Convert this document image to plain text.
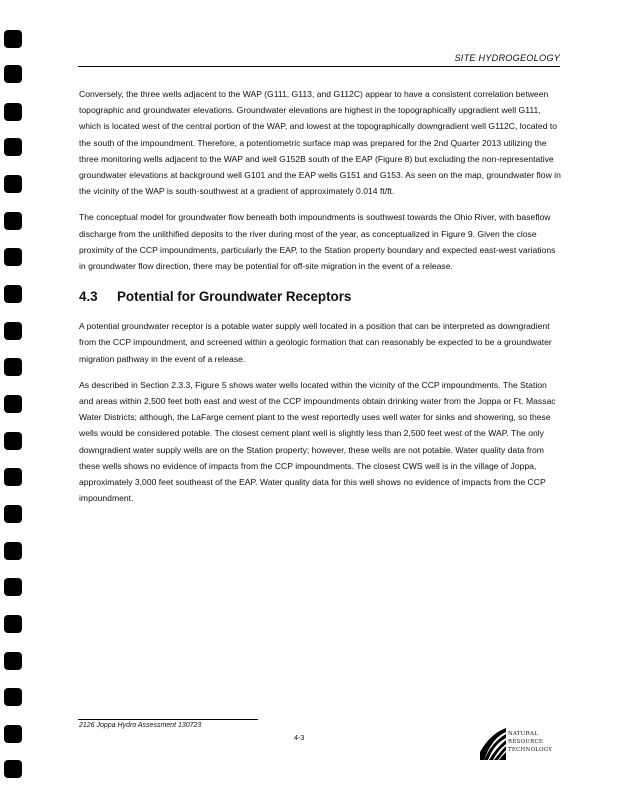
SITE HYDROGEOLOGY

Conversely, the three wells adjacent to the WAP (G111, G113, and G112C) appear to have a consistent correlation between topographic and groundwater elevations. Groundwater elevations are highest in the topographically upgradient well G111, which is located west of the central portion of the WAP, and lowest at the topographically downgradient well G112C, located to the south of the impoundment. Therefore, a potentiometric surface map was prepared for the 2nd Quarter 2013 utilizing the three monitoring wells adjacent to the WAP and well G152B south of the EAP (Figure 8) but excluding the non-representative groundwater elevations at background well G101 and the EAP wells G151 and G153. As seen on the map, groundwater flow in the vicinity of the WAP is south-southwest at a gradient of approximately 0.014 ft/ft.

The conceptual model for groundwater flow beneath both impoundments is southwest towards the Ohio River, with baseflow discharge from the unlithified deposits to the river during most of the year, as conceptualized in Figure 9. Given the close proximity of the CCP impoundments, particularly the EAP, to the Station property boundary and expected east-west variations in groundwater flow direction, there may be potential for off-site migration in the event of a release.

4.3	Potential for Groundwater Receptors

A potential groundwater receptor is a potable water supply well located in a position that can be interpreted as downgradient from the CCP impoundment, and screened within a geologic formation that can reasonably be expected to be a groundwater migration pathway in the event of a release.

As described in Section 2.3.3, Figure 5 shows water wells located within the vicinity of the CCP impoundments. The Station and areas within 2,500 feet both east and west of the CCP impoundments obtain drinking water from the Joppa or Ft. Massac Water Districts; although, the LaFarge cement plant to the west reportedly uses well water for sinks and showering, so these wells would be considered potable. The closest cement plant well is slightly less than 2,500 feet west of the WAP. The only downgradient water supply wells are on the Station property; however, these wells are not potable. Water quality data from these wells shows no evidence of impacts from the CCP impoundments. The closest CWS well is in the village of Joppa, approximately 3,000 feet southeast of the EAP. Water quality data for this well shows no evidence of impacts from the CCP impoundment.

2126 Joppa Hydro Assessment 130723
4-3	NATURAL
RESOURCE
TECHNOLOGY
